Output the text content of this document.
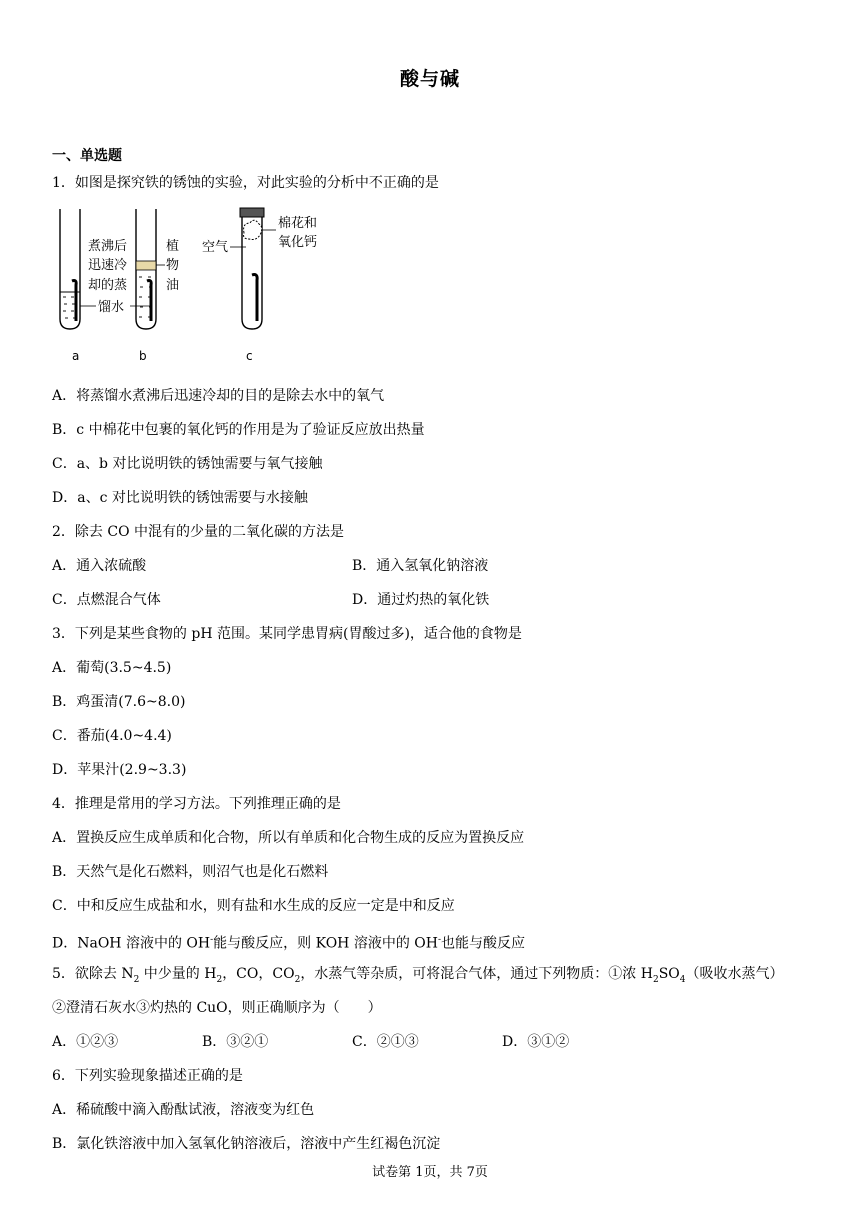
酸与碱
一、单选题
1．如图是探究铁的锈蚀的实验，对此实验的分析中不正确的是
煮沸后
迅速冷
却的蒸
馏水
植
物
油
空气
棉花和
氧化钙
a	b	c
A．将蒸馏水煮沸后迅速冷却的目的是除去水中的氧气
B．c 中棉花中包裹的氧化钙的作用是为了验证反应放出热量
C．a、b 对比说明铁的锈蚀需要与氧气接触
D．a、c 对比说明铁的锈蚀需要与水接触
2．除去 CO 中混有的少量的二氧化碳的方法是
A．通入浓硫酸	B．通入氢氧化钠溶液
C．点燃混合气体	D．通过灼热的氧化铁
3．下列是某些食物的 pH 范围。某同学患胃病(胃酸过多)，适合他的食物是
A．葡萄(3.5~4.5)
B．鸡蛋清(7.6~8.0)
C．番茄(4.0~4.4)
D．苹果汁(2.9~3.3)
4．推理是常用的学习方法。下列推理正确的是
A．置换反应生成单质和化合物，所以有单质和化合物生成的反应为置换反应
B．天然气是化石燃料，则沼气也是化石燃料
C．中和反应生成盐和水，则有盐和水生成的反应一定是中和反应
D．NaOH 溶液中的 OH-能与酸反应，则 KOH 溶液中的 OH-也能与酸反应
5．欲除去 $N_2$ 中少量的 $H_2$，CO，$CO_2$，水蒸气等杂质，可将混合气体，通过下列物质：①浓 $H_2SO_4$（吸收水蒸气）
②澄清石灰水③灼热的 CuO，则正确顺序为（　　）
A．①②③	B．③②①	C．②①③	D．③①②
6．下列实验现象描述正确的是
A．稀硫酸中滴入酚酞试液，溶液变为红色
B．氯化铁溶液中加入氢氧化钠溶液后，溶液中产生红褐色沉淀
试卷第 1页，共 7页
